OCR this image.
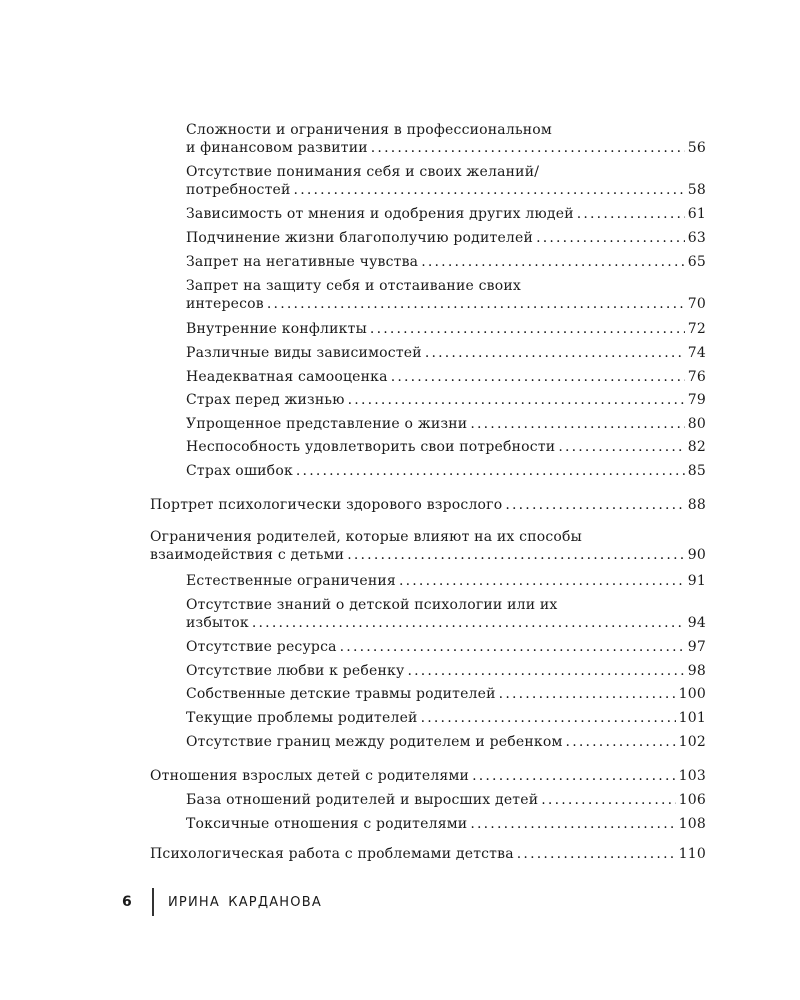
Сложности и ограничения в профессиональном
и финансовом развитии .....	56
Отсутствие понимания себя и своих желаний/
потребностей .....	58
Зависимость от мнения и одобрения других людей .....	61
Подчинение жизни благополучию родителей .....	63
Запрет на негативные чувства .....	65
Запрет на защиту себя и отстаивание своих
интересов .....	70
Внутренние конфликты .....	72
Различные виды зависимостей .....	74
Неадекватная самооценка .....	76
Страх перед жизнью .....	79
Упрощенное представление о жизни .....	80
Неспособность удовлетворить свои потребности .....	82
Страх ошибок .....	85
Портрет психологически здорового взрослого .....	88
Ограничения родителей, которые влияют на их способы
взаимодействия с детьми .....	90
Естественные ограничения .....	91
Отсутствие знаний о детской психологии или их
избыток .....	94
Отсутствие ресурса .....	97
Отсутствие любви к ребенку .....	98
Собственные детские травмы родителей .....	100
Текущие проблемы родителей .....	101
Отсутствие границ между родителем и ребенком .....	102
Отношения взрослых детей с родителями .....	103
База отношений родителей и выросших детей .....	106
Токсичные отношения с родителями .....	108
Психологическая работа с проблемами детства .....	110
6	ИРИНА КАРДАНОВА
